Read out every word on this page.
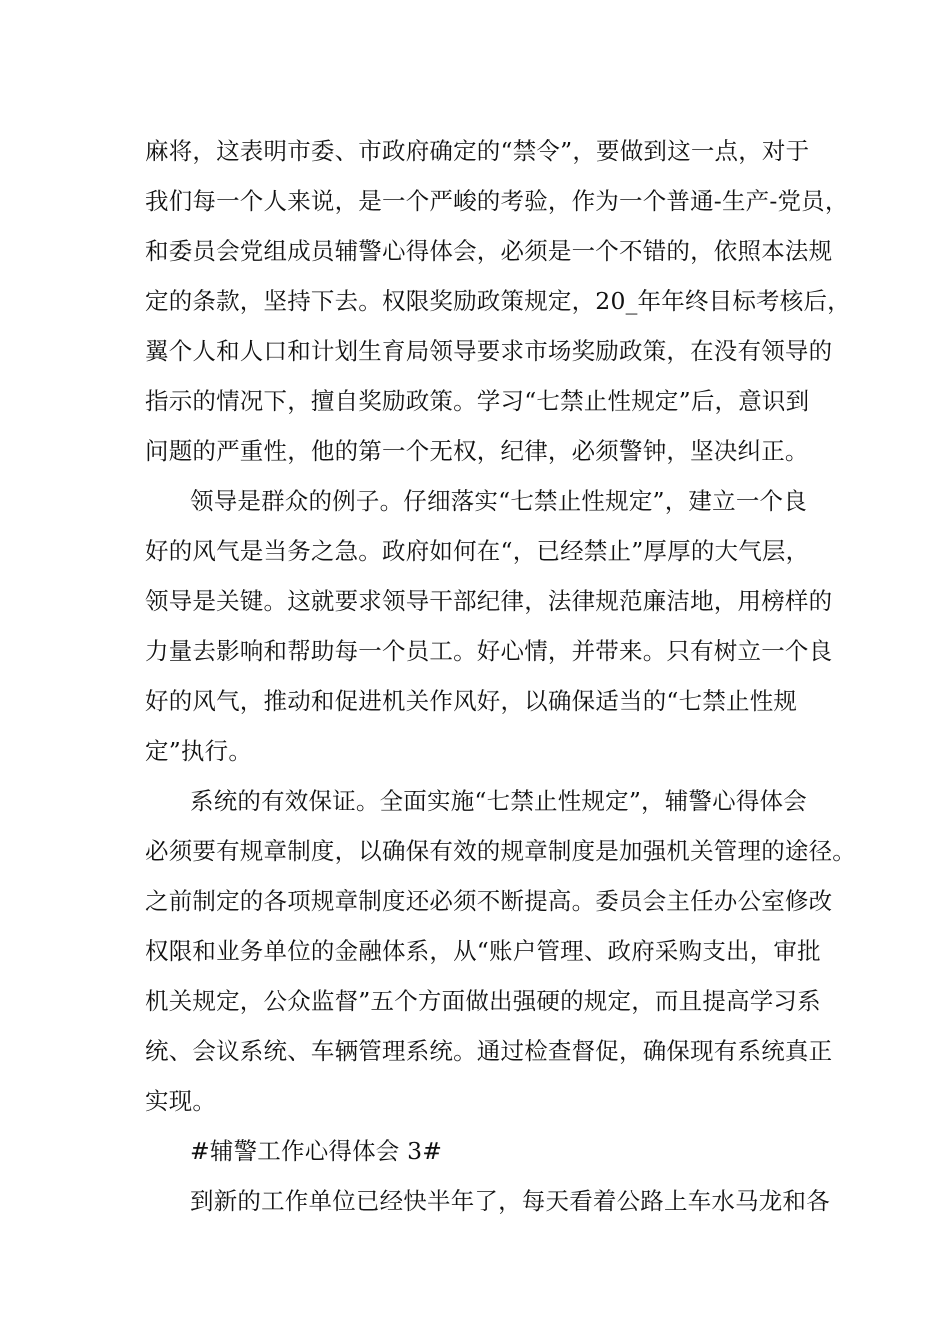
麻将，这表明市委、市政府确定的“禁令”，要做到这一点，对于
我们每一个人来说，是一个严峻的考验，作为一个普通-生产-党员，
和委员会党组成员辅警心得体会，必须是一个不错的，依照本法规
定的条款，坚持下去。权限奖励政策规定，20_年年终目标考核后，
翼个人和人口和计划生育局领导要求市场奖励政策，在没有领导的
指示的情况下，擅自奖励政策。学习“七禁止性规定”后，意识到
问题的严重性，他的第一个无权，纪律，必须警钟，坚决纠正。
领导是群众的例子。仔细落实“七禁止性规定”，建立一个良
好的风气是当务之急。政府如何在“，已经禁止”厚厚的大气层，
领导是关键。这就要求领导干部纪律，法律规范廉洁地，用榜样的
力量去影响和帮助每一个员工。好心情，并带来。只有树立一个良
好的风气，推动和促进机关作风好，以确保适当的“七禁止性规
定”执行。
系统的有效保证。全面实施“七禁止性规定”，辅警心得体会
必须要有规章制度，以确保有效的规章制度是加强机关管理的途径。
之前制定的各项规章制度还必须不断提高。委员会主任办公室修改
权限和业务单位的金融体系，从“账户管理、政府采购支出，审批
机关规定，公众监督”五个方面做出强硬的规定，而且提高学习系
统、会议系统、车辆管理系统。通过检查督促，确保现有系统真正
实现。
#辅警工作心得体会 3#
到新的工作单位已经快半年了，每天看着公路上车水马龙和各
